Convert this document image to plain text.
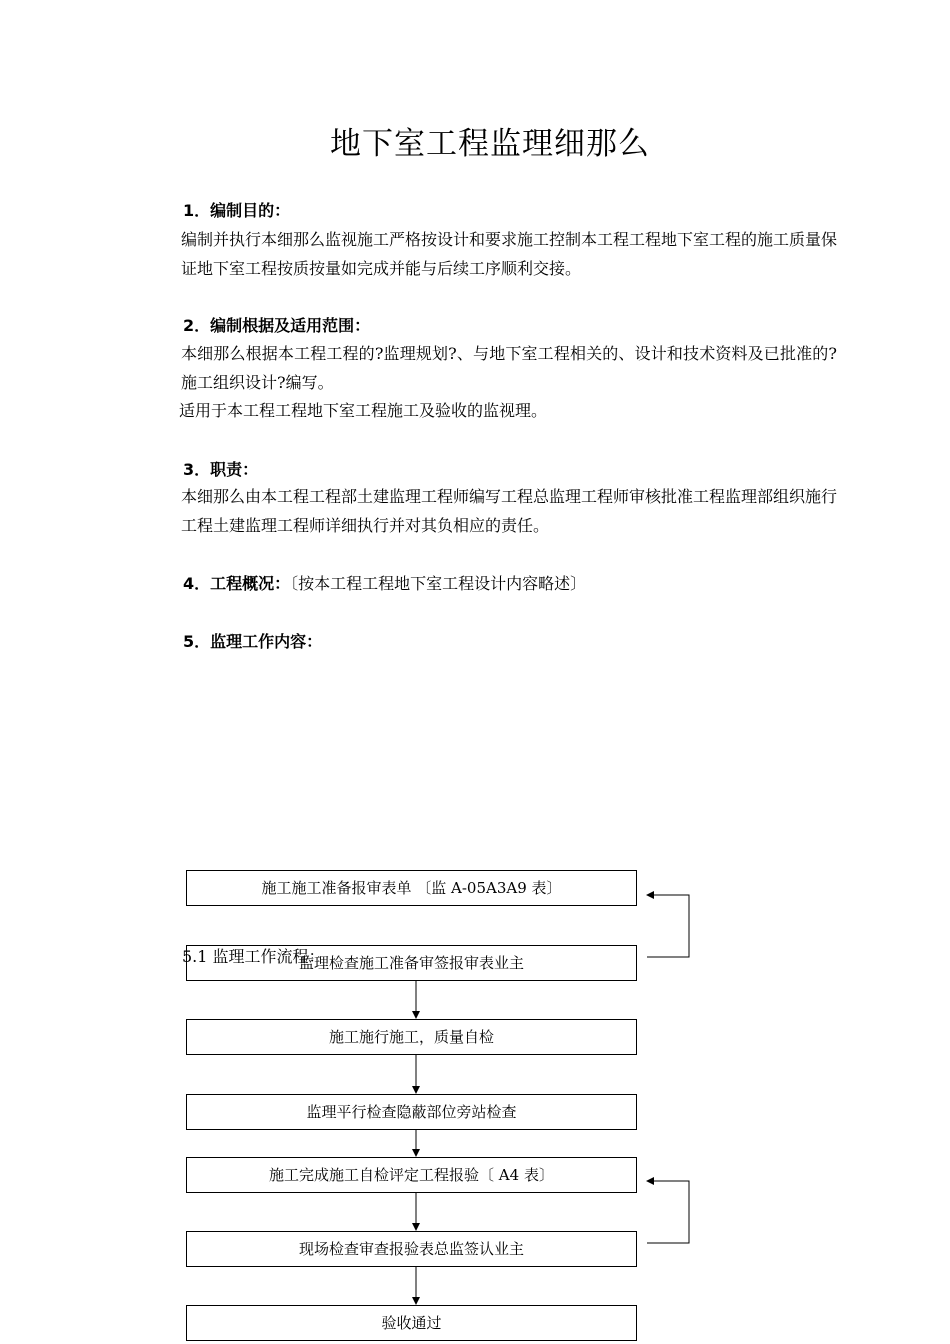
地下室工程监理细那么
1．编制目的：
编制并执行本细那么监视施工严格按设计和要求施工控制本工程工程地下室工程的施工质量保证地下室工程按质按量如完成并能与后续工序顺利交接。
2．编制根据及适用范围：
本细那么根据本工程工程的?监理规划?、与地下室工程相关的、设计和技术资料及已批准的?施工组织设计?编写。
适用于本工程工程地下室工程施工及验收的监视理。
3．职责：
本细那么由本工程工程部土建监理工程师编写工程总监理工程师审核批准工程监理部组织施行工程土建监理工程师详细执行并对其负相应的责任。
4．工程概况：〔按本工程工程地下室工程设计内容略述〕
5．监理工作内容：
施工施工准备报审表单 〔监 A-05A3A9 表〕
监理检查施工准备审签报审表业主
施工施行施工，质量自检
监理平行检查隐蔽部位旁站检查
施工完成施工自检评定工程报验〔 A4 表〕
现场检查审查报验表总监签认业主
验收通过
5.1 监理工作流程：
